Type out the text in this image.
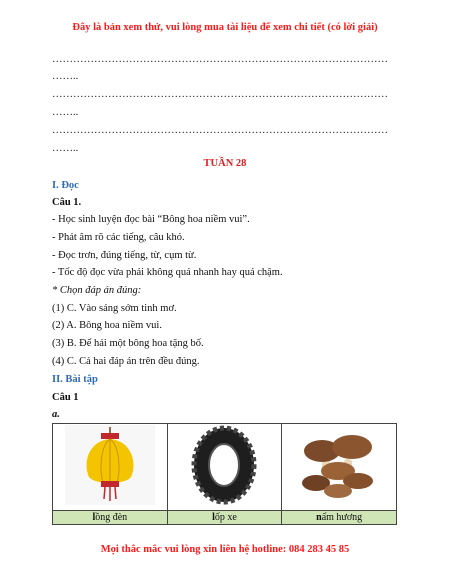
Đây là bản xem thử, vui lòng mua tài liệu để xem chi tiết (có lời giải)
……………………………………………………………………………………
……..
……………………………………………………………………………………
……..
……………………………………………………………………………………
……..
TUẦN 28
I. Đọc
Câu 1.
- Học sinh luyện đọc bài “Bông hoa niềm vui”.
- Phát âm rõ các tiếng, câu khó.
- Đọc trơn, đúng tiếng, từ, cụm từ.
- Tốc độ đọc vừa phải không quá nhanh hay quá chậm.
* Chọn đáp án đúng:
(1) C. Vào sáng sớm tinh mơ.
(2) A. Bông hoa niềm vui.
(3) B. Để hái một bông hoa tặng bố.
(4) C. Cả hai đáp án trên đều đúng.
II. Bài tập
Câu 1
a.

lồng đèn	lốp xe	nấm hương
Mọi thắc mắc vui lòng xin liên hệ hotline: 084 283 45 85
